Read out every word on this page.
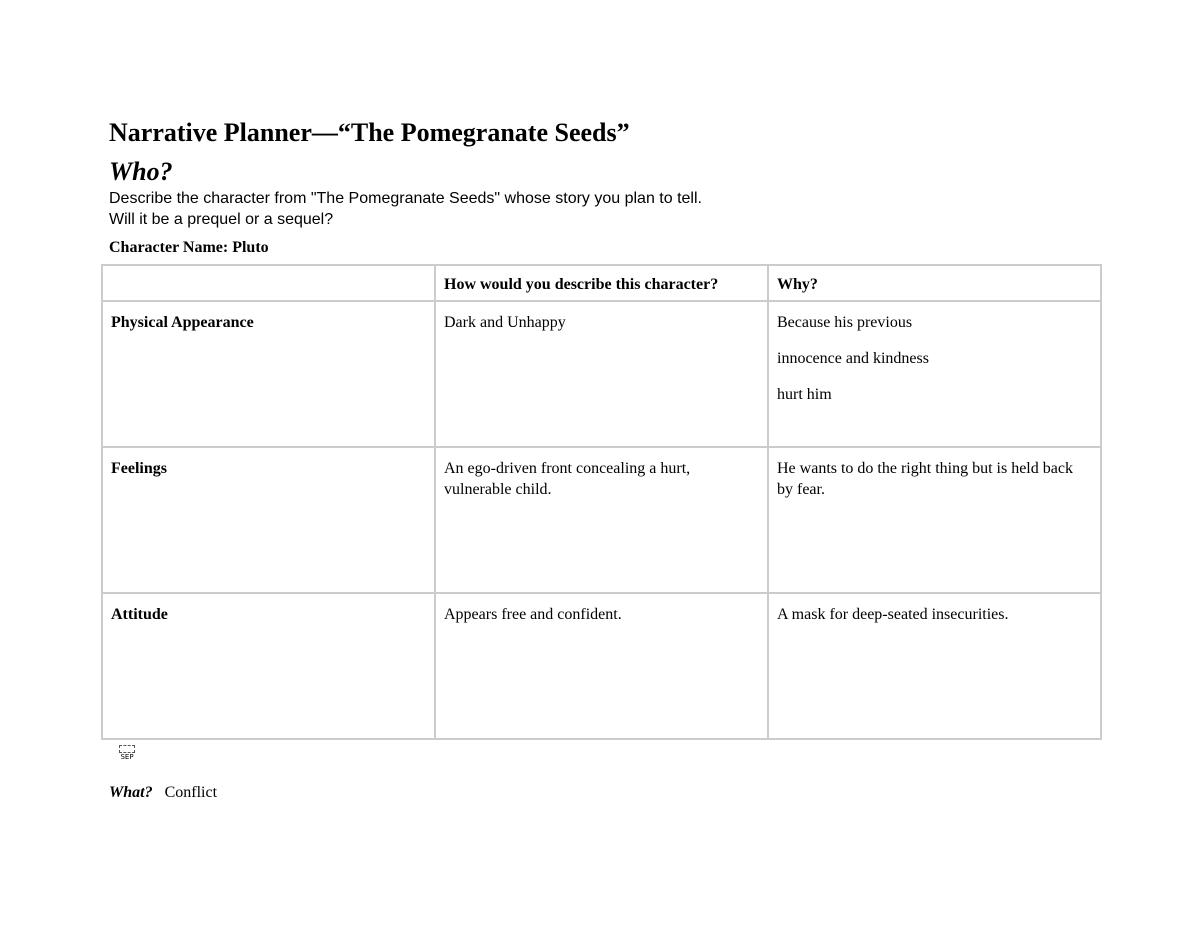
Narrative Planner—“The Pomegranate Seeds”
Who?

Describe the character from "The Pomegranate Seeds" whose story you plan to tell. Will it be a prequel or a sequel?

Character Name: Pluto

	How would you describe this character?	Why?
Physical Appearance	Dark and Unhappy	Because his previous

innocence and kindness

hurt him

Feelings	An ego-driven front concealing a hurt, vulnerable child.	He wants to do the right thing but is held back by fear.

Attitude	Appears free and confident.	A mask for deep-seated insecurities.

SEP

What? Conflict
